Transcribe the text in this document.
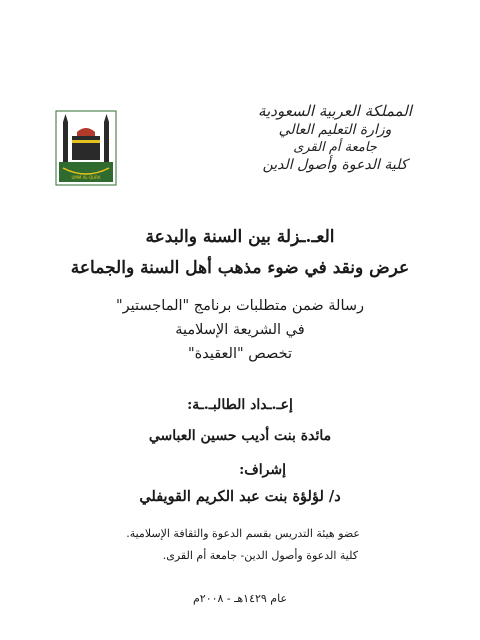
UMM AL-QURA
المملكة العربية السعودية
وزارة التعليم العالي
جامعة أم القرى
كلية الدعوة وأصول الدين
العـ.ـزلة بين السنة والبدعة
عرض ونقد في ضوء مذهب أهل السنة والجماعة
رسالة ضمن متطلبات برنامج "الماجستير"
في الشريعة الإسلامية
تخصص "العقيدة"
إعـ.ـداد الطالبـ.ـة:
مائدة بنت أديب حسين العباسي
إشراف:
د/ لؤلؤة بنت عبد الكريم القويفلي
عضو هيئة التدريس بقسم الدعوة والثقافة الإسلامية.
كلية الدعوة وأصول الدين- جامعة أم القرى.
عام ١٤٢٩هـ - ٢٠٠٨م
